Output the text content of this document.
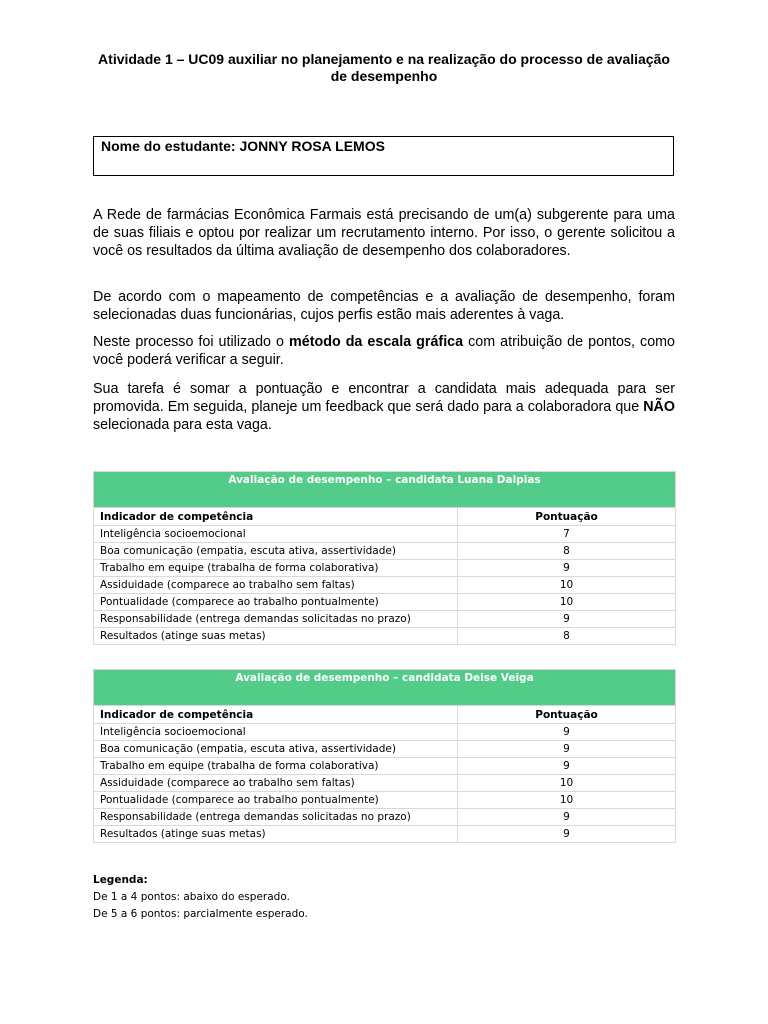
Atividade 1 – UC09 auxiliar no planejamento e na realização do processo de avaliação de desempenho
Nome do estudante: JONNY ROSA LEMOS

A Rede de farmácias Econômica Farmais está precisando de um(a) subgerente para uma de suas filiais e optou por realizar um recrutamento interno. Por isso, o gerente solicitou a você os resultados da última avaliação de desempenho dos colaboradores.

De acordo com o mapeamento de competências e a avaliação de desempenho, foram selecionadas duas funcionárias, cujos perfis estão mais aderentes à vaga.

Neste processo foi utilizado o método da escala gráfica com atribuição de pontos, como você poderá verificar a seguir.

Sua tarefa é somar a pontuação e encontrar a candidata mais adequada para ser promovida. Em seguida, planeje um feedback que será dado para a colaboradora que NÃO selecionada para esta vaga.

Avaliação de desempenho – candidata Luana Dalpias	
Indicador de competência	Pontuação
Inteligência socioemocional	7
Boa comunicação (empatia, escuta ativa, assertividade)	8
Trabalho em equipe (trabalha de forma colaborativa)	9
Assiduidade (comparece ao trabalho sem faltas)	10
Pontualidade (comparece ao trabalho pontualmente)	10
Responsabilidade (entrega demandas solicitadas no prazo)	9
Resultados (atinge suas metas)	8
Avaliação de desempenho – candidata Deise Veiga	
Indicador de competência	Pontuação
Inteligência socioemocional	9
Boa comunicação (empatia, escuta ativa, assertividade)	9
Trabalho em equipe (trabalha de forma colaborativa)	9
Assiduidade (comparece ao trabalho sem faltas)	10
Pontualidade (comparece ao trabalho pontualmente)	10
Responsabilidade (entrega demandas solicitadas no prazo)	9
Resultados (atinge suas metas)	9
Legenda:
De 1 a 4 pontos: abaixo do esperado.
De 5 a 6 pontos: parcialmente esperado.
